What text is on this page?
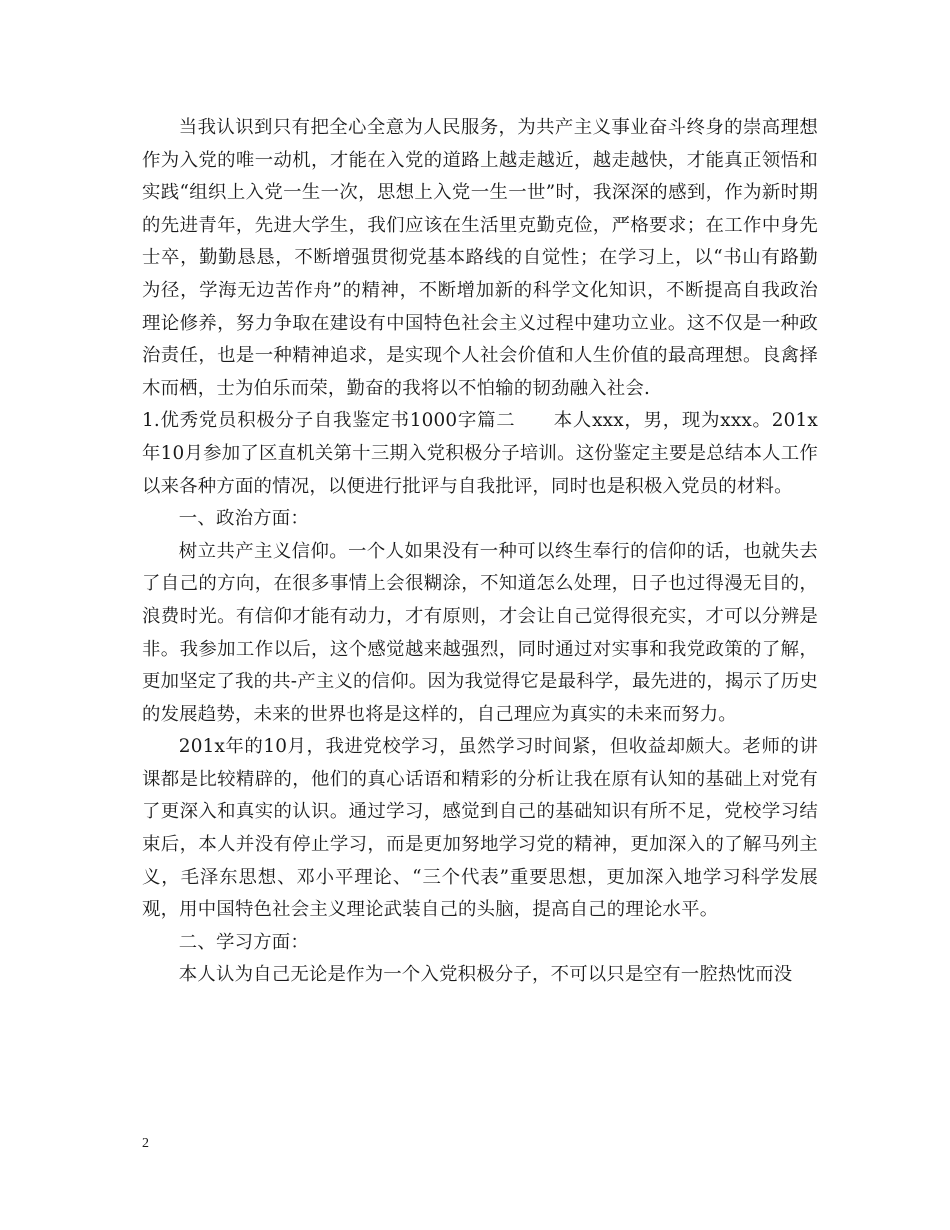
当我认识到只有把全心全意为人民服务，为共产主义事业奋斗终身的崇高理想作为入党的唯一动机，才能在入党的道路上越走越近，越走越快，才能真正领悟和实践“组织上入党一生一次，思想上入党一生一世”时，我深深的感到，作为新时期的先进青年，先进大学生，我们应该在生活里克勤克俭，严格要求；在工作中身先士卒，勤勤恳恳，不断增强贯彻党基本路线的自觉性；在学习上，以“书山有路勤为径，学海无边苦作舟”的精神，不断增加新的科学文化知识，不断提高自我政治理论修养，努力争取在建设有中国特色社会主义过程中建功立业。这不仅是一种政治责任，也是一种精神追求，是实现个人社会价值和人生价值的最高理想。良禽择木而栖，士为伯乐而荣，勤奋的我将以不怕输的韧劲融入社会.

1.优秀党员积极分子自我鉴定书1000字篇二　　本人xxx，男，现为xxx。201x年10月参加了区直机关第十三期入党积极分子培训。这份鉴定主要是总结本人工作以来各种方面的情况，以便进行批评与自我批评，同时也是积极入党员的材料。

一、政治方面：

树立共产主义信仰。一个人如果没有一种可以终生奉行的信仰的话，也就失去了自己的方向，在很多事情上会很糊涂，不知道怎么处理，日子也过得漫无目的，浪费时光。有信仰才能有动力，才有原则，才会让自己觉得很充实，才可以分辨是非。我参加工作以后，这个感觉越来越强烈，同时通过对实事和我党政策的了解，更加坚定了我的共-产主义的信仰。因为我觉得它是最科学，最先进的，揭示了历史的发展趋势，未来的世界也将是这样的，自己理应为真实的未来而努力。

201x年的10月，我进党校学习，虽然学习时间紧，但收益却颇大。老师的讲课都是比较精辟的，他们的真心话语和精彩的分析让我在原有认知的基础上对党有了更深入和真实的认识。通过学习，感觉到自己的基础知识有所不足，党校学习结束后，本人并没有停止学习，而是更加努地学习党的精神，更加深入的了解马列主义，毛泽东思想、邓小平理论、“三个代表”重要思想，更加深入地学习科学发展观，用中国特色社会主义理论武装自己的头脑，提高自己的理论水平。

二、学习方面：

本人认为自己无论是作为一个入党积极分子，不可以只是空有一腔热忱而没

2
